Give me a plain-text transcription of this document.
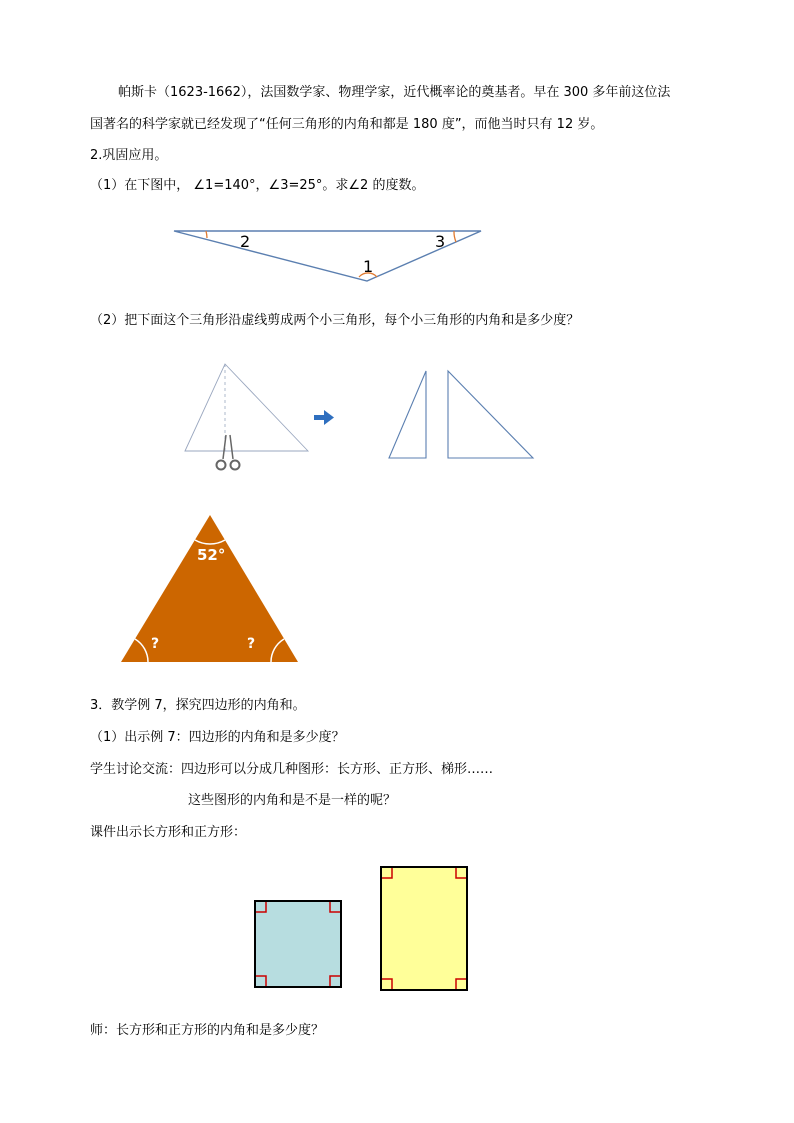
帕斯卡（1623-1662），法国数学家、物理学家，近代概率论的奠基者。早在 300 多年前这位法
国著名的科学家就已经发现了“任何三角形的内角和都是 180 度”，而他当时只有 12 岁。
2.巩固应用。
（1）在下图中， ∠1=140°，∠3=25°。求∠2 的度数。
2	3
1
（2）把下面这个三角形沿虚线剪成两个小三角形，每个小三角形的内角和是多少度？
52°
?	?
3．教学例 7，探究四边形的内角和。
（1）出示例 7：四边形的内角和是多少度？
学生讨论交流：四边形可以分成几种图形：长方形、正方形、梯形……
这些图形的内角和是不是一样的呢？
课件出示长方形和正方形：
师：长方形和正方形的内角和是多少度？
